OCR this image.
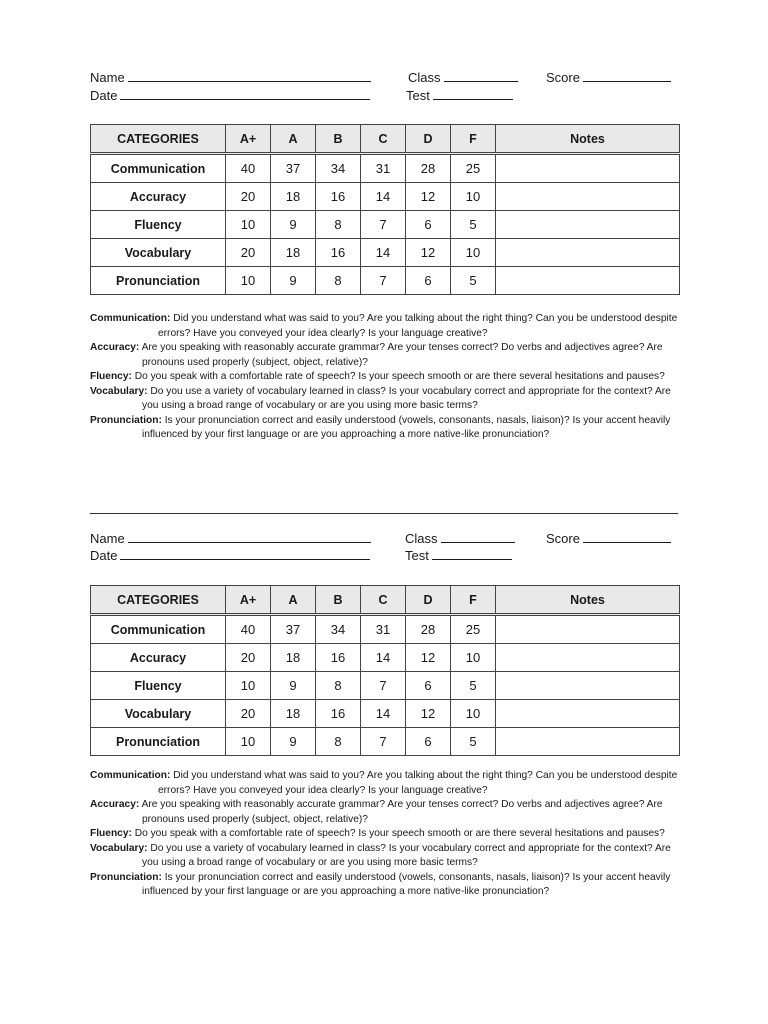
Name	Class	Score
Date	Test
CATEGORIES	A+	A	B	C	D	F	Notes
Communication	40	37	34	31	28	25	
Accuracy	20	18	16	14	12	10	
Fluency	10	9	8	7	6	5	
Vocabulary	20	18	16	14	12	10	
Pronunciation	10	9	8	7	6	5	

Communication: Did you understand what was said to you? Are you talking about the right thing? Can you be understood despite errors? Have you conveyed your idea clearly? Is your language creative?

Accuracy: Are you speaking with reasonably accurate grammar? Are your tenses correct? Do verbs and adjectives agree? Are pronouns used properly (subject, object, relative)?

Fluency: Do you speak with a comfortable rate of speech? Is your speech smooth or are there several hesitations and pauses?

Vocabulary: Do you use a variety of vocabulary learned in class? Is your vocabulary correct and appropriate for the context? Are you using a broad range of vocabulary or are you using more basic terms?

Pronunciation: Is your pronunciation correct and easily understood (vowels, consonants, nasals, liaison)? Is your accent heavily influenced by your first language or are you approaching a more native-like pronunciation?

Name	Class	Score
Date	Test
CATEGORIES	A+	A	B	C	D	F	Notes
Communication	40	37	34	31	28	25	
Accuracy	20	18	16	14	12	10	
Fluency	10	9	8	7	6	5	
Vocabulary	20	18	16	14	12	10	
Pronunciation	10	9	8	7	6	5	

Communication: Did you understand what was said to you? Are you talking about the right thing? Can you be understood despite errors? Have you conveyed your idea clearly? Is your language creative?

Accuracy: Are you speaking with reasonably accurate grammar? Are your tenses correct? Do verbs and adjectives agree? Are pronouns used properly (subject, object, relative)?

Fluency: Do you speak with a comfortable rate of speech? Is your speech smooth or are there several hesitations and pauses?

Vocabulary: Do you use a variety of vocabulary learned in class? Is your vocabulary correct and appropriate for the context? Are you using a broad range of vocabulary or are you using more basic terms?

Pronunciation: Is your pronunciation correct and easily understood (vowels, consonants, nasals, liaison)? Is your accent heavily influenced by your first language or are you approaching a more native-like pronunciation?
